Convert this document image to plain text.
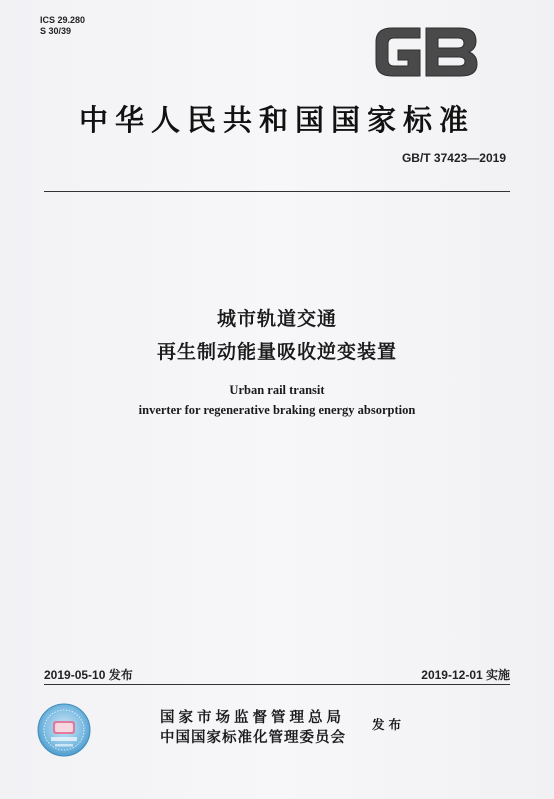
ICS 29.280
S 30/39
中华人民共和国国家标准
GB/T 37423—2019
城市轨道交通
再生制动能量吸收逆变装置
Urban rail transit
inverter for regenerative braking energy absorption
2019-05-10 发布	2019-12-01 实施
国家市场监督管理总局
中国国家标准化管理委员会
发布
